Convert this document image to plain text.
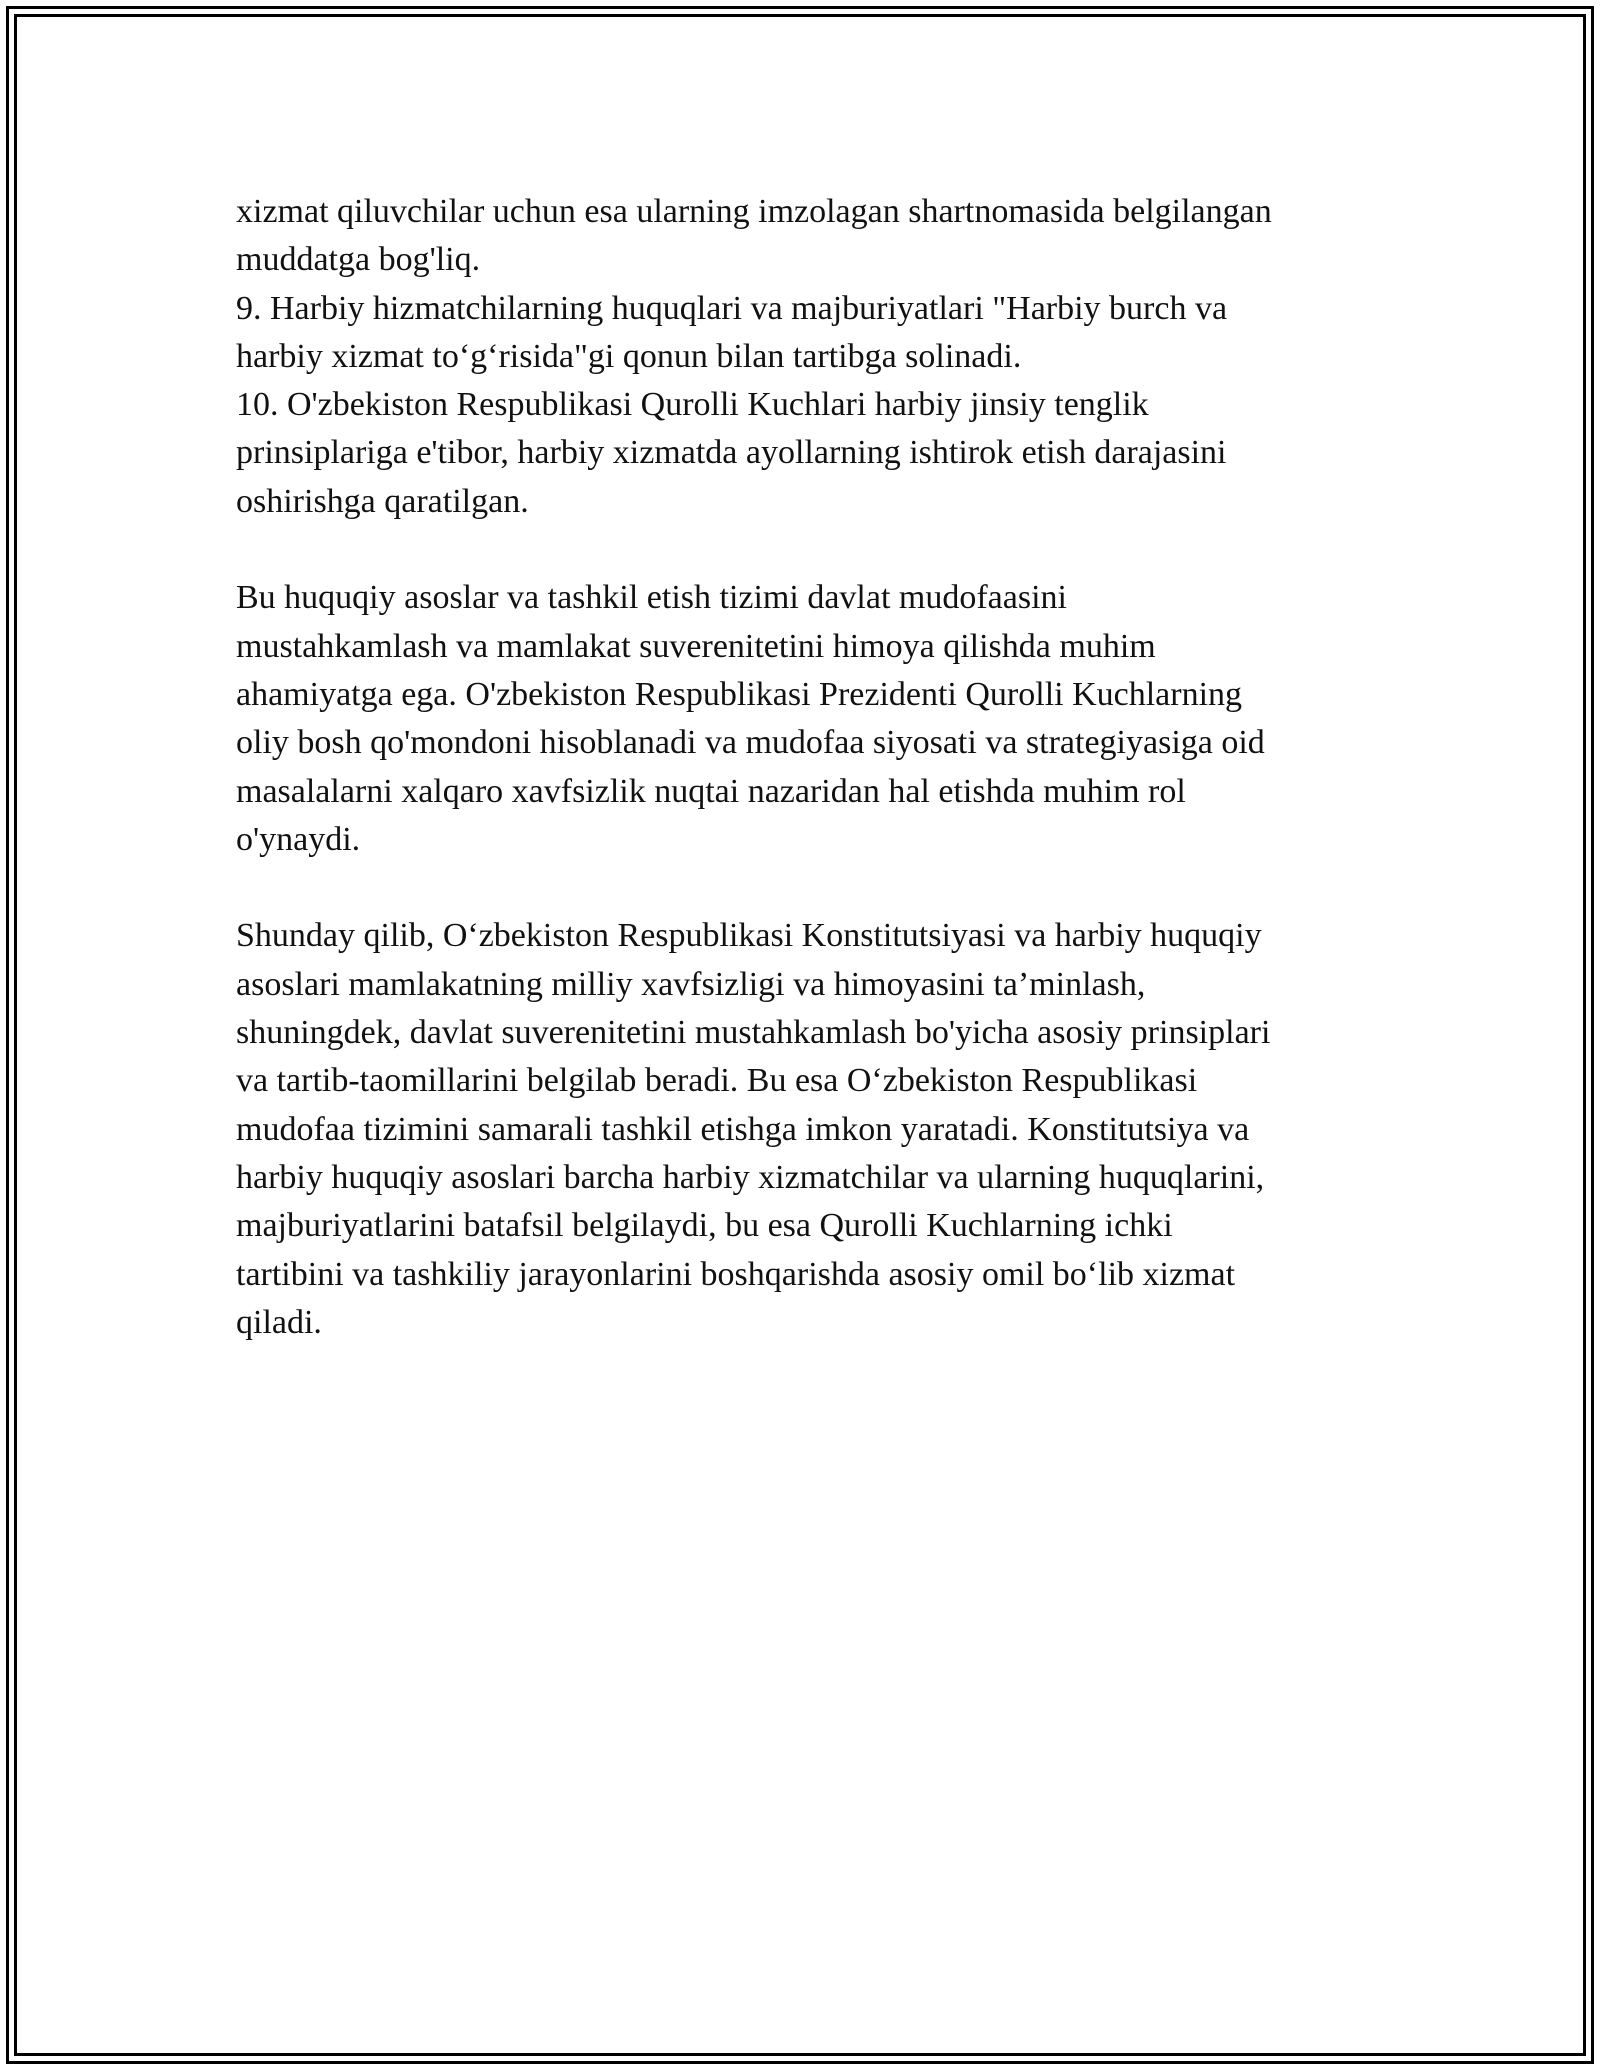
xizmat qiluvchilar uchun esa ularning imzolagan shartnomasida belgilangan
muddatga bog'liq.
9. Harbiy hizmatchilarning huquqlari va majburiyatlari "Harbiy burch va
harbiy xizmat to‘g‘risida"gi qonun bilan tartibga solinadi.
10. O'zbekiston Respublikasi Qurolli Kuchlari harbiy jinsiy tenglik
prinsiplariga e'tibor, harbiy xizmatda ayollarning ishtirok etish darajasini
oshirishga qaratilgan.
Bu huquqiy asoslar va tashkil etish tizimi davlat mudofaasini
mustahkamlash va mamlakat suverenitetini himoya qilishda muhim
ahamiyatga ega. O'zbekiston Respublikasi Prezidenti Qurolli Kuchlarning
oliy bosh qo'mondoni hisoblanadi va mudofaa siyosati va strategiyasiga oid
masalalarni xalqaro xavfsizlik nuqtai nazaridan hal etishda muhim rol
o'ynaydi.
Shunday qilib, O‘zbekiston Respublikasi Konstitutsiyasi va harbiy huquqiy
asoslari mamlakatning milliy xavfsizligi va himoyasini ta’minlash,
shuningdek, davlat suverenitetini mustahkamlash bo'yicha asosiy prinsiplari
va tartib-taomillarini belgilab beradi. Bu esa O‘zbekiston Respublikasi
mudofaa tizimini samarali tashkil etishga imkon yaratadi. Konstitutsiya va
harbiy huquqiy asoslari barcha harbiy xizmatchilar va ularning huquqlarini,
majburiyatlarini batafsil belgilaydi, bu esa Qurolli Kuchlarning ichki
tartibini va tashkiliy jarayonlarini boshqarishda asosiy omil bo‘lib xizmat
qiladi.
